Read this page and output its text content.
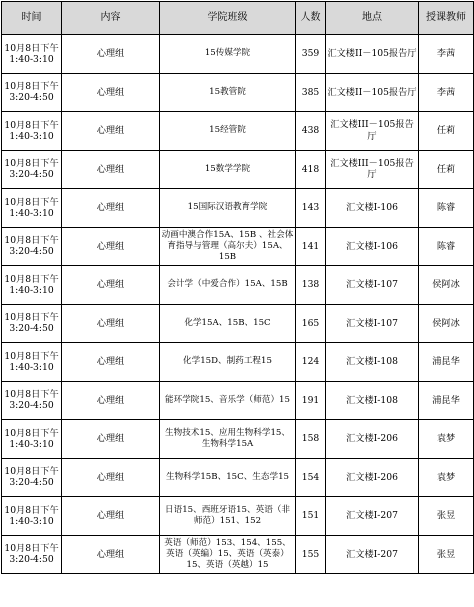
时间	内容	学院班级	人数	地点	授课教师

10月8日下午
1:40-3:10	心理组	15传媒学院	359	汇文楼II－105报告厅	李茜

10月8日下午
3:20-4:50	心理组	15教管院	385	汇文楼II－105报告厅	李茜

10月8日下午
1:40-3:10	心理组	15经管院	438	汇文楼III－105报告厅	任莉

10月8日下午
3:20-4:50	心理组	15数学学院	418	汇文楼III－105报告厅	任莉

10月8日下午
1:40-3:10	心理组	15国际汉语教育学院	143	汇文楼I-106	陈睿

10月8日下午
3:20-4:50	心理组	动画中澳合作15A、15B 、社会体育指导与管理（高尔夫）15A、15B	141	汇文楼I-106	陈睿

10月8日下午
1:40-3:10	心理组	会计学（中爱合作）15A、15B	138	汇文楼I-107	侯阿冰

10月8日下午
3:20-4:50	心理组	化学15A、15B、15C	165	汇文楼I-107	侯阿冰

10月8日下午
1:40-3:10	心理组	化学15D、制药工程15	124	汇文楼I-108	浦昆华

10月8日下午
3:20-4:50	心理组	能环学院15、音乐学（师范）15	191	汇文楼I-108	浦昆华

10月8日下午
1:40-3:10	心理组	生物技术15、应用生物科学15、生物科学15A	158	汇文楼I-206	袁梦

10月8日下午
3:20-4:50	心理组	生物科学15B、15C、生态学15	154	汇文楼I-206	袁梦

10月8日下午
1:40-3:10	心理组	日语15、西班牙语15、英语（非师范）151、152	151	汇文楼I-207	张昱

10月8日下午
3:20-4:50	心理组	英语（师范）153、154、155、英语（英编）15、英语（英泰）15、英语（英越）15	155	汇文楼I-207	张昱
